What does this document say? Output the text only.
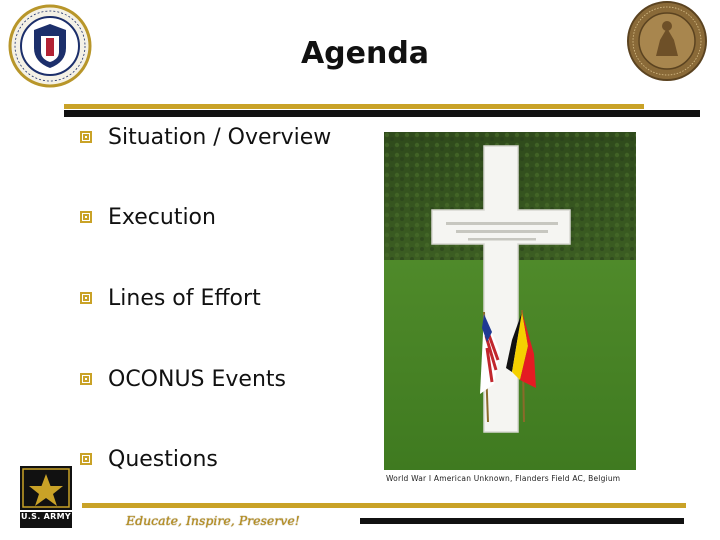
Agenda
Situation / Overview
Execution
Lines of Effort
OCONUS Events
Questions
World War I American Unknown, Flanders Field AC, Belgium
U.S. ARMY	Educate, Inspire, Preserve!
